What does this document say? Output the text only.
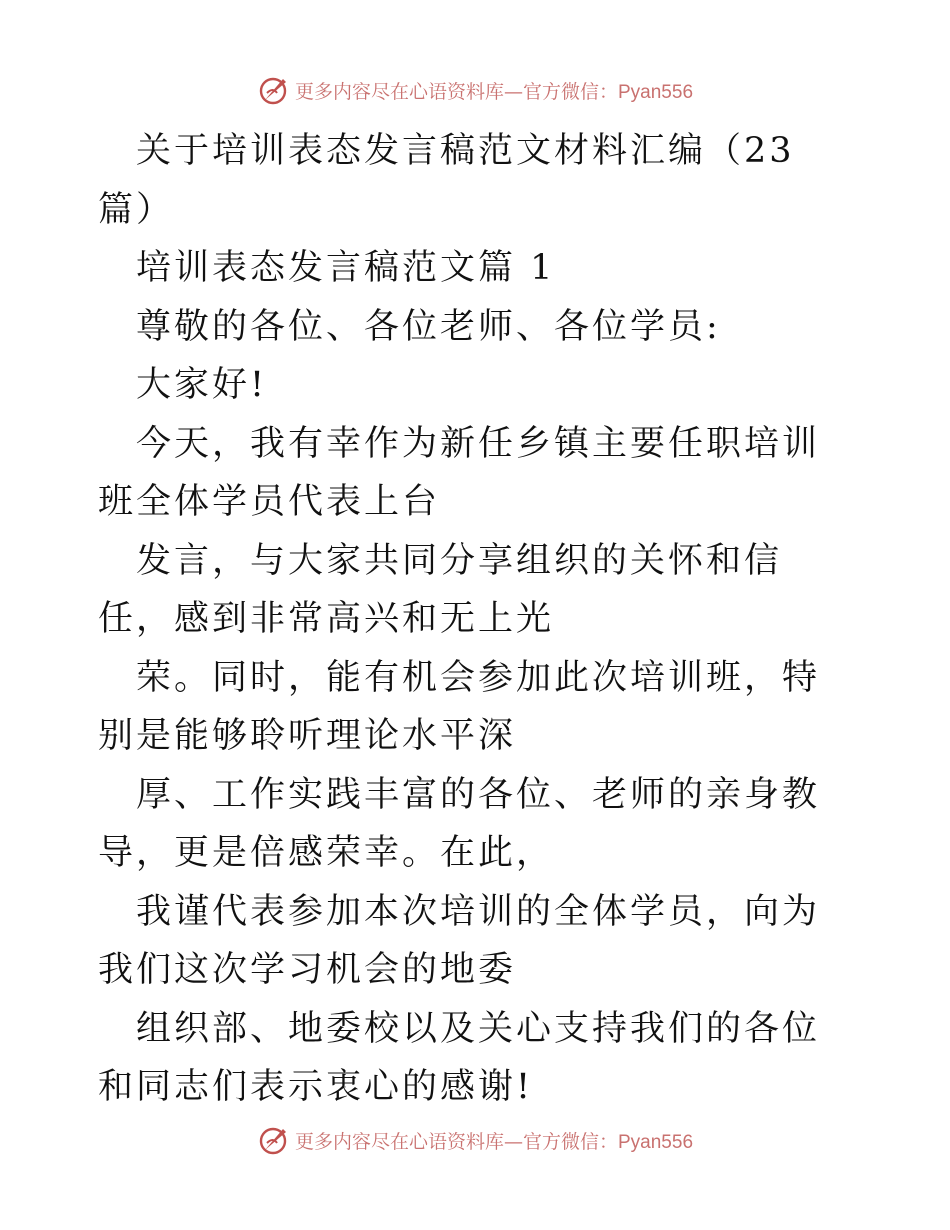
更多内容尽在心语资料库—官方微信：Pyan556

关于培训表态发言稿范文材料汇编（23 篇）

培训表态发言稿范文篇 1

尊敬的各位、各位老师、各位学员:

大家好!

今天，我有幸作为新任乡镇主要任职培训班全体学员代表上台

发言，与大家共同分享组织的关怀和信任，感到非常高兴和无上光

荣。同时，能有机会参加此次培训班，特别是能够聆听理论水平深

厚、工作实践丰富的各位、老师的亲身教导，更是倍感荣幸。在此，

我谨代表参加本次培训的全体学员，向为我们这次学习机会的地委

组织部、地委校以及关心支持我们的各位和同志们表示衷心的感谢!

更多内容尽在心语资料库—官方微信：Pyan556
